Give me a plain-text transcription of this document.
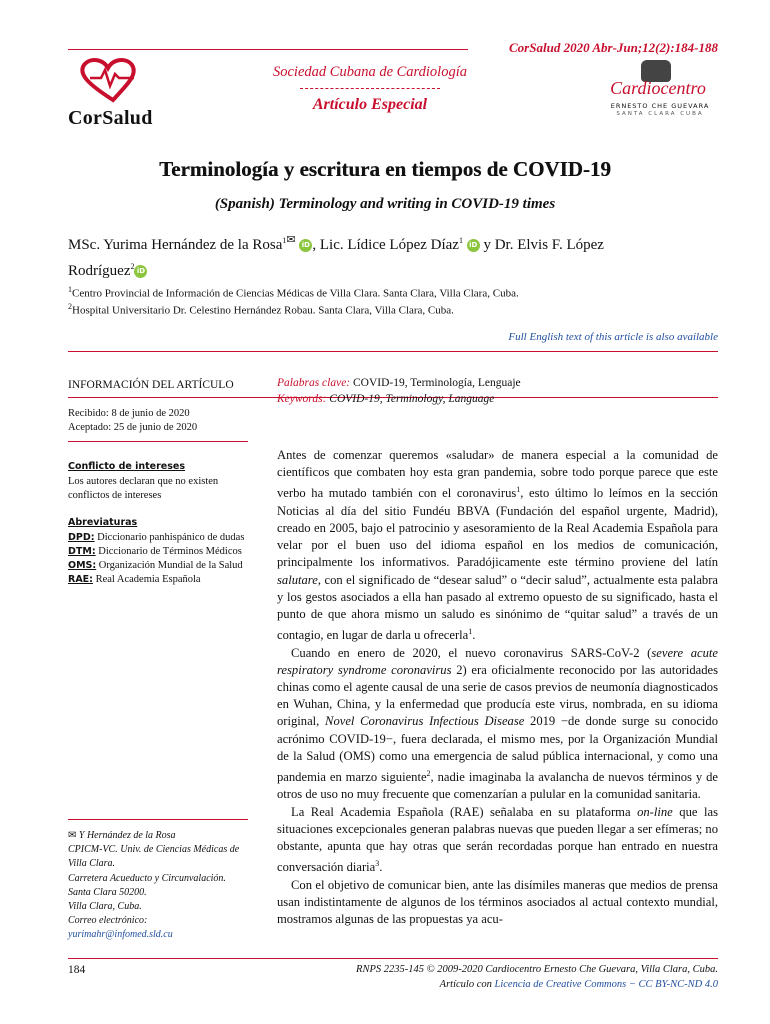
CorSalud 2020 Abr-Jun;12(2):184-188
CorSalud
Sociedad Cubana de Cardiología
Artículo Especial
Cardiocentro
ERNESTO CHE GUEVARA
SANTA CLARA CUBA
Terminología y escritura en tiempos de COVID-19
(Spanish) Terminology and writing in COVID-19 times
MSc. Yurima Hernández de la Rosa$^{1✉}$ iD , Lic. Lídice López Díaz$^1$ iD y Dr. Elvis F. López
Rodríguez$^2$iD
$^1$Centro Provincial de Información de Ciencias Médicas de Villa Clara. Santa Clara, Villa Clara, Cuba.
$^2$Hospital Universitario Dr. Celestino Hernández Robau. Santa Clara, Villa Clara, Cuba.
Full English text of this article is also available
INFORMACIÓN DEL ARTÍCULO
Recibido: 8 de junio de 2020
Aceptado: 25 de junio de 2020
Conflicto de intereses
Los autores declaran que no existen conflictos de intereses
Abreviaturas
DPD: Diccionario panhispánico de dudas
DTM: Diccionario de Términos Médicos
OMS: Organización Mundial de la Salud
RAE: Real Academia Española
✉ Y Hernández de la Rosa
CPICM-VC. Univ. de Ciencias Médicas de Villa Clara.
Carretera Acueducto y Circunvalación. Santa Clara 50200.
Villa Clara, Cuba.
Correo electrónico:
yurimahr@infomed.sld.cu
Palabras clave: COVID-19, Terminología, Lenguaje
Keywords: COVID-19, Terminology, Language

Antes de comenzar queremos «saludar» de manera especial a la comunidad de científicos que combaten hoy esta gran pandemia, sobre todo porque parece que este verbo ha mutado también con el coronavirus$^1$, esto último lo leímos en la sección Noticias al día del sitio Fundéu BBVA (Fundación del español urgente, Madrid), creado en 2005, bajo el patrocinio y asesoramiento de la Real Academia Española para velar por el buen uso del idioma español en los medios de comunicación, principalmente los informativos. Paradójicamente este término proviene del latín salutare, con el significado de “desear salud” o “decir salud”, actualmente esta palabra y los gestos asociados a ella han pasado al extremo opuesto de su significado, hasta el punto de que ahora mismo un saludo es sinónimo de “quitar salud” a través de un contagio, en lugar de darla u ofrecerla$^1$.

Cuando en enero de 2020, el nuevo coronavirus SARS-CoV-2 (severe acute respiratory syndrome coronavirus 2) era oficialmente reconocido por las autoridades chinas como el agente causal de una serie de casos previos de neumonía diagnosticados en Wuhan, China, y la enfermedad que producía este virus, nombrada, en su idioma original, Novel Coronavirus Infectious Disease 2019 −de donde surge su conocido acrónimo COVID-19−, fuera declarada, el mismo mes, por la Organización Mundial de la Salud (OMS) como una emergencia de salud pública internacional, y como una pandemia en marzo siguiente$^2$, nadie imaginaba la avalancha de nuevos términos y de otros de uso no muy frecuente que comenzarían a pulular en la comunidad sanitaria.

La Real Academia Española (RAE) señalaba en su plataforma on-line que las situaciones excepcionales generan palabras nuevas que pueden llegar a ser efímeras; no obstante, apunta que hay otras que serán recordadas porque han entrado en nuestra conversación diaria$^3$.

Con el objetivo de comunicar bien, ante las disímiles maneras que medios de prensa usan indistintamente de algunos de los términos asociados al actual contexto mundial, mostramos algunas de las propuestas ya acu-

184	RNPS 2235-145 © 2009-2020 Cardiocentro Ernesto Che Guevara, Villa Clara, Cuba.
Artículo con Licencia de Creative Commons − CC BY-NC-ND 4.0
